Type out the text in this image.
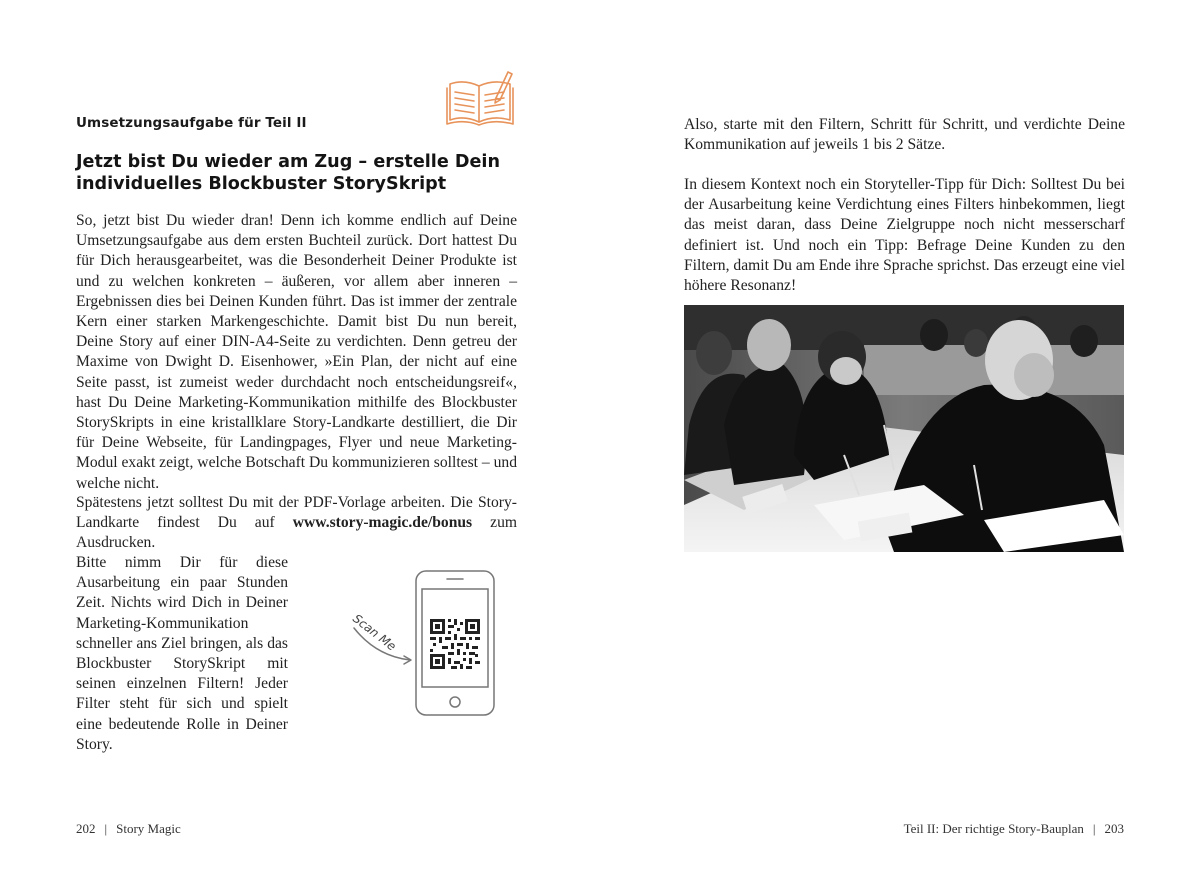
Umsetzungsaufgabe für Teil II

Jetzt bist Du wieder am Zug – erstelle Dein individuelles Blockbuster StorySkript

So, jetzt bist Du wieder dran! Denn ich komme endlich auf Deine Umsetzungsaufgabe aus dem ersten Buchteil zurück. Dort hattest Du für Dich herausgearbeitet, was die Besonderheit Deiner Produkte ist und zu welchen konkreten – äußeren, vor allem aber inneren – Ergebnissen dies bei Deinen Kunden führt. Das ist immer der zentrale Kern einer starken Markengeschichte. Damit bist Du nun bereit, Deine Story auf einer DIN-A4-Seite zu verdichten. Denn getreu der Maxime von Dwight D. Eisenhower, »Ein Plan, der nicht auf eine Seite passt, ist zumeist weder durchdacht noch entscheidungsreif«, hast Du Deine Marketing-Kommunikation mithilfe des Blockbuster StorySkripts in eine kristallklare Story-Landkarte destilliert, die Dir für Deine Webseite, für Landingpages, Flyer und neue Marketing-Modul exakt zeigt, welche Botschaft Du kommunizieren solltest – und welche nicht.

Spätestens jetzt solltest Du mit der PDF-Vorlage arbeiten. Die Story-Landkarte findest Du auf www.story-magic.de/bonus zum Ausdrucken.

Bitte nimm Dir für diese Ausarbeitung ein paar Stunden Zeit. Nichts wird Dich in Deiner Marketing-Kommunikation schneller ans Ziel bringen, als das Blockbuster StorySkript mit seinen einzelnen Filtern! Jeder Filter steht für sich und spielt eine bedeutende Rolle in Deiner Story.

Scan Me

202 | Story Magic

Also, starte mit den Filtern, Schritt für Schritt, und verdichte Deine Kommunikation auf jeweils 1 bis 2 Sätze.

In diesem Kontext noch ein Storyteller-Tipp für Dich: Solltest Du bei der Ausarbeitung keine Verdichtung eines Filters hinbekommen, liegt das meist daran, dass Deine Zielgruppe noch nicht messerscharf definiert ist. Und noch ein Tipp: Befrage Deine Kunden zu den Filtern, damit Du am Ende ihre Sprache sprichst. Das erzeugt eine viel höhere Resonanz!

Teil II: Der richtige Story-Bauplan | 203
